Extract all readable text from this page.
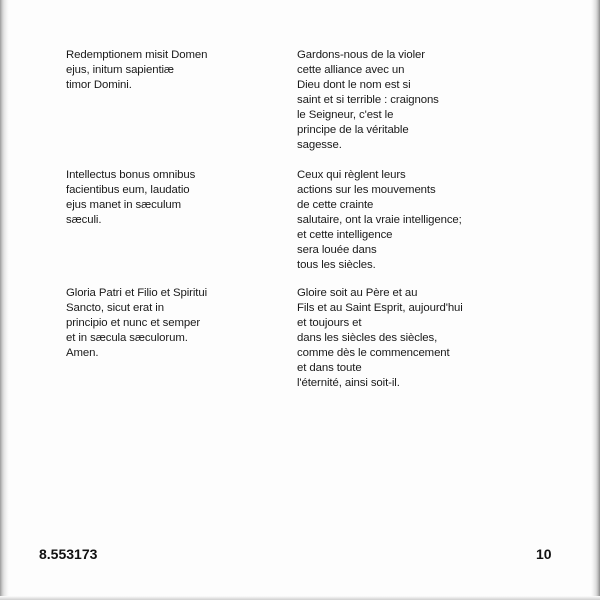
Redemptionem misit Domen
ejus, initum sapientiæ
timor Domini.
Intellectus bonus omnibus
facientibus eum, laudatio
ejus manet in sæculum
sæculi.
Gloria Patri et Filio et Spiritui
Sancto, sicut erat in
principio et nunc et semper
et in sæcula sæculorum.
Amen.
Gardons-nous de la violer
cette alliance avec un
Dieu dont le nom est si
saint et si terrible : craignons
le Seigneur, c'est le
principe de la véritable
sagesse.
Ceux qui règlent leurs
actions sur les mouvements
de cette crainte
salutaire, ont la vraie intelligence;
et cette intelligence
sera louée dans
tous les siècles.
Gloire soit au Père et au
Fils et au Saint Esprit, aujourd'hui
et toujours et
dans les siècles des siècles,
comme dès le commencement
et dans toute
l'éternité, ainsi soit-il.
8.553173	10
